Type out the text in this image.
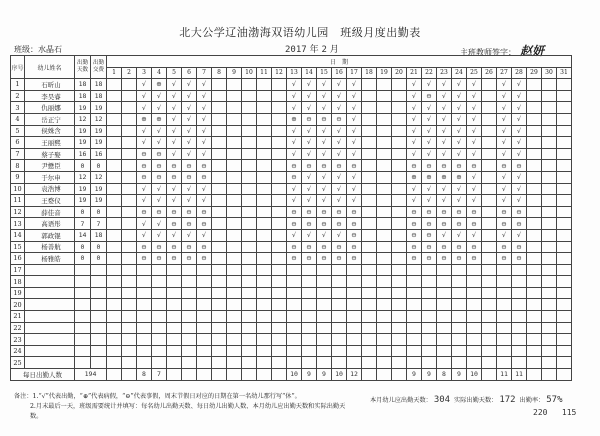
北大公学辽油渤海双语幼儿园　班级月度出勤表
班级：水晶石	2017 年 2 月	主班教师签字： 赵妍
序号	幼儿姓名	出勤天数	出勤交费	日　期																														
				1	2	3	4	5	6	7	8	9	10	11	12	13	14	15	16	17	18	19	20	21	22	23	24	25	26	27	28	29	30	31
1	石昕山	18	18			√	⊕	√	√	√						√	√	√	√	√				√	√	√	√	√		√	√			
2	李昊睿	18	18			√	√	√	√	√						√	√	√	√	√				√	⊖	√	√	√		√	√			
3	仇丽娜	19	19			√	√	√	√	√						√	√	√	√	√				√	√	√	√	√		√	√			
4	岳正宁	12	12			⊕	⊕	√	√	√						⊕	⊖	⊖	⊖	√				√	√	√	√	√		√	√			
5	侯姝含	19	19			√	√	√	√	√						√	√	√	√	√				√	√	√	√	√		√	√			
6	王丽熙	19	19			√	√	√	√	√						√	√	√	√	√				√	√	√	√	√		√	√			
7	蔡子娶	16	16			⊖	⊖	√	√	√						√	√	√	√	√				√	√	√	√	√		√	√			
8	尹懋臣	0	0			⊖	⊖	⊖	⊖	⊖						⊖	⊖	⊖	⊖	⊖				⊖	⊖	⊖	⊖	⊖		⊖	⊖			
9	于尔申	12	12			⊖	⊖	⊖	⊖	⊖						⊖	√	√	√	√				⊕	⊕	⊕	⊕	√		√	√			
10	袁浩博	19	19			√	√	√	√	√						√	√	√	√	√				√	√	√	√	√		√	√			
11	王婺仪	19	19			√	√	√	√	√						√	√	√	√	√				√	√	√	√	√		√	√			
12	薛佳音	0	0			⊖	⊖	⊖	⊖	⊖						⊖	⊖	⊖	⊖	⊖				⊖	⊖	⊖	⊖	⊖		⊖	⊖			
13	高语彤	7	7			√	√	⊖	⊖	⊖						⊖	⊖	⊖	⊖	⊖				⊖	⊖	⊖	⊖	⊖		⊖	⊖			
14	郭政锟	14	18			√	√	√	√	√						√	√	√	√	⊖				⊖	⊖	√	√	√		√	√			
15	杨善航	0	0			⊖	⊖	⊖	⊖	⊖						⊖	⊖	⊖	⊖	⊖				⊖	⊖	⊖	⊖	⊖		⊖	⊖			
16	杨雅皓	0	0			⊖	⊖	⊖	⊖	⊖						⊖	⊖	⊖	⊖	⊖				⊖	⊖	⊖	⊖	⊖		⊖	⊖			
17																																		
18																																		
19																																		
20																																		
21																																		
22																																		
23																																		
24																																		
25																																		
每日出勤人数		194				8	7									10	9	9	10	12				9	9	8	9	10		11	11			
备注：1.“√”代表出勤，“⊕”代表病假，“⊖”代表事假，周末节假日对应的日期在第一名幼儿那行写“休”。
2.月末最后一天，班级需要统计并填写：每名幼儿出勤天数、每日幼儿出勤人数、本月幼儿应出勤天数和实际出勤天数。
本月幼儿应出勤天数： 304 实际出勤天数： 172 出勤率： 57%
220 115
